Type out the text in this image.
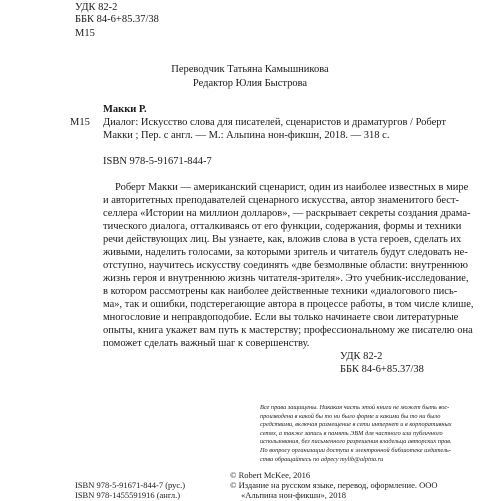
УДК 82-2
ББК 84-6+85.37/38
М15
Переводчик Татьяна Камышникова
Редактор Юлия Быстрова
Макки Р.
М15 Диалог: Искусство слова для писателей, сценаристов и драматургов / Роберт
Макки ; Пер. с англ. — М.: Альпина нон-фикшн, 2018. — 318 с.
ISBN 978-5-91671-844-7
Роберт Макки — американский сценарист, один из наиболее известных в мире
и авторитетных преподавателей сценарного искусства, автор знаменитого бест-
селлера «Истории на миллион долларов», — раскрывает секреты создания драма-
тического диалога, отталкиваясь от его функции, содержания, формы и техники
речи действующих лиц. Вы узнаете, как, вложив слова в уста героев, сделать их
живыми, наделить голосами, за которыми зритель и читатель будут следовать не-
отступно, научитесь искусству соединять «две безмолвные области: внутреннюю
жизнь героя и внутреннюю жизнь читателя-зрителя». Это учебник-исследование,
в котором рассмотрены как наиболее действенные техники «диалогового пись-
ма», так и ошибки, подстерегающие автора в процессе работы, в том числе клише,
многословие и неправдоподобие. Если вы только начинаете свои литературные
опыты, книга укажет вам путь к мастерству; профессиональному же писателю она
поможет сделать важный шаг к совершенству.
УДК 82-2
ББК 84-6+85.37/38
Все права защищены. Никакая часть этой книги не может быть вос-
производена в какой бы то ни было форме и какими бы то ни было
средствами, включая размещение в сети интернет и в корпоративных
сетях, а также запись в память ЭВМ для частного или публичного
использования, без письменного разрешения владельца авторских прав.
По вопросу организации доступа к электронной библиотеке издатель-
ства обращайтесь по адресу mylib@alpina.ru
ISBN 978-5-91671-844-7 (рус.)
ISBN 978-1455591916 (англ.)
© Robert McKee, 2016
© Издание на русском языке, перевод, оформление. ООО
«Альпина нон-фикшн», 2018
